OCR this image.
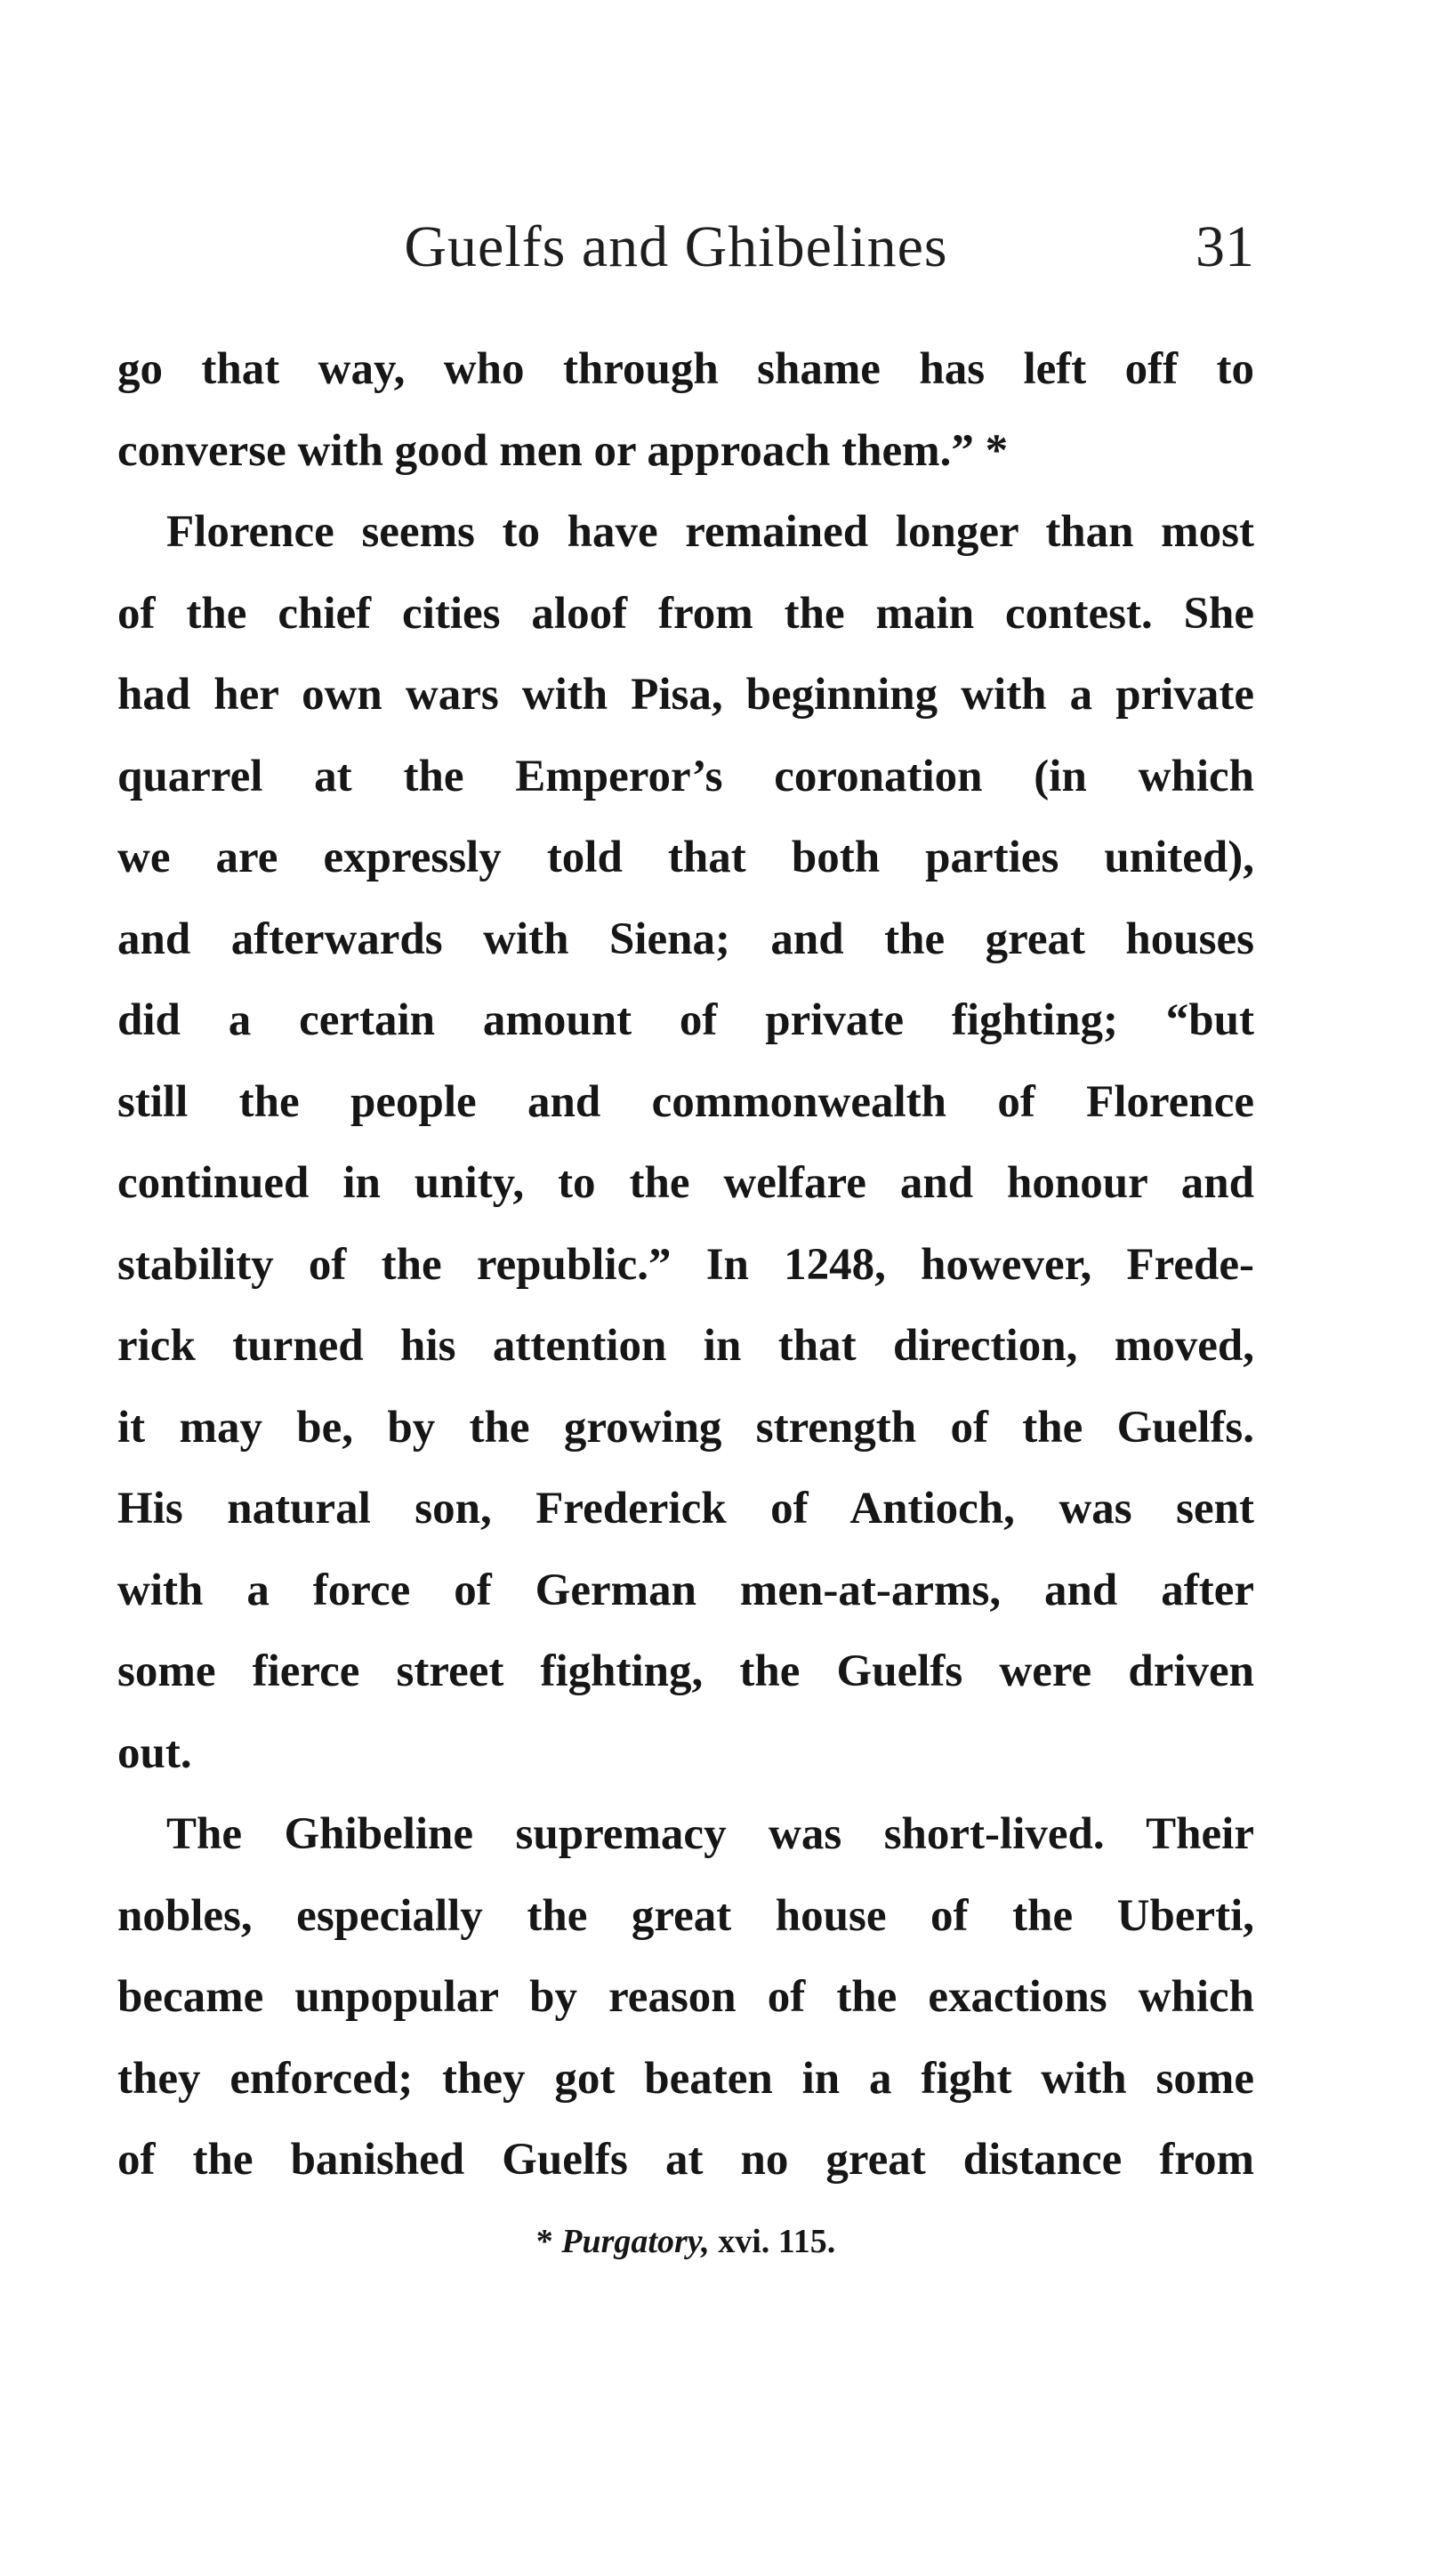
Guelfs and Ghibelines	31
go that way, who through shame has left off to
converse with good men or approach them.” *
Florence seems to have remained longer than most
of the chief cities aloof from the main contest. She
had her own wars with Pisa, beginning with a private
quarrel at the Emperor’s coronation (in which
we are expressly told that both parties united),
and afterwards with Siena; and the great houses
did a certain amount of private fighting; “but
still the people and commonwealth of Florence
continued in unity, to the welfare and honour and
stability of the republic.” In 1248, however, Frede-
rick turned his attention in that direction, moved,
it may be, by the growing strength of the Guelfs.
His natural son, Frederick of Antioch, was sent
with a force of German men-at-arms, and after
some fierce street fighting, the Guelfs were driven
out.
The Ghibeline supremacy was short-lived. Their
nobles, especially the great house of the Uberti,
became unpopular by reason of the exactions which
they enforced; they got beaten in a fight with some
of the banished Guelfs at no great distance from
* Purgatory, xvi. 115.
